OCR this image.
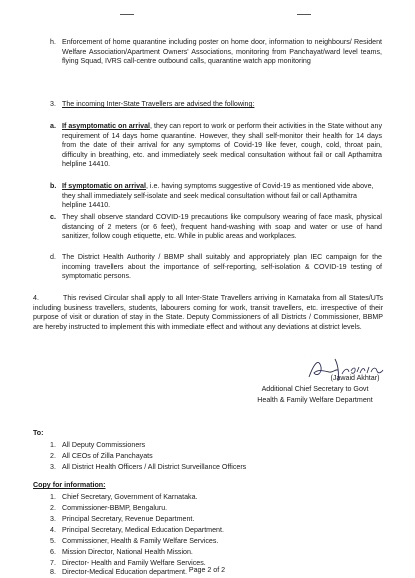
h. Enforcement of home quarantine including poster on home door, information to neighbours/ Resident Welfare Association/Apartment Owners' Associations, monitoring from Panchayat/ward level teams, flying Squad, IVRS call-centre outbound calls, quarantine watch app monitoring
3. The incoming Inter-State Travellers are advised the following:
a. If asymptomatic on arrival, they can report to work or perform their activities in the State without any requirement of 14 days home quarantine. However, they shall self-monitor their health for 14 days from the date of their arrival for any symptoms of Covid-19 like fever, cough, cold, throat pain, difficulty in breathing, etc. and immediately seek medical consultation without fail or call Apthamitra helpline 14410.
b. If symptomatic on arrival, i.e. having symptoms suggestive of Covid-19 as mentioned vide above, they shall immediately self-isolate and seek medical consultation without fail or call Apthamitra helpline 14410.
c. They shall observe standard COVID-19 precautions like compulsory wearing of face mask, physical distancing of 2 meters (or 6 feet), frequent hand-washing with soap and water or use of hand sanitizer, follow cough etiquette, etc. While in public areas and workplaces.
d. The District Health Authority / BBMP shall suitably and appropriately plan IEC campaign for the incoming travellers about the importance of self-reporting, self-isolation & COVID-19 testing of symptomatic persons.
4.	This revised Circular shall apply to all Inter-State Travellers arriving in Karnataka from all States/UTs including business travellers, students, labourers coming for work, transit travellers, etc. irrespective of their purpose of visit or duration of stay in the State. Deputy Commissioners of all Districts / Commissioner, BBMP are hereby instructed to implement this with immediate effect and without any deviations at district levels.
(Jawaid Akhtar)
Additional Chief Secretary to Govt
Health & Family Welfare Department
To:
1. All Deputy Commissioners
2. All CEOs of Zilla Panchayats
3. All District Health Officers / All District Surveillance Officers
Copy for information:
1. Chief Secretary, Government of Karnataka.
2. Commissioner-BBMP, Bengaluru.
3. Principal Secretary, Revenue Department.
4. Principal Secretary, Medical Education Department.
5. Commissioner, Health & Family Welfare Services.
6. Mission Director, National Health Mission.
7. Director- Health and Family Welfare Services.
8. Director-Medical Education department. Page 2 of 2
